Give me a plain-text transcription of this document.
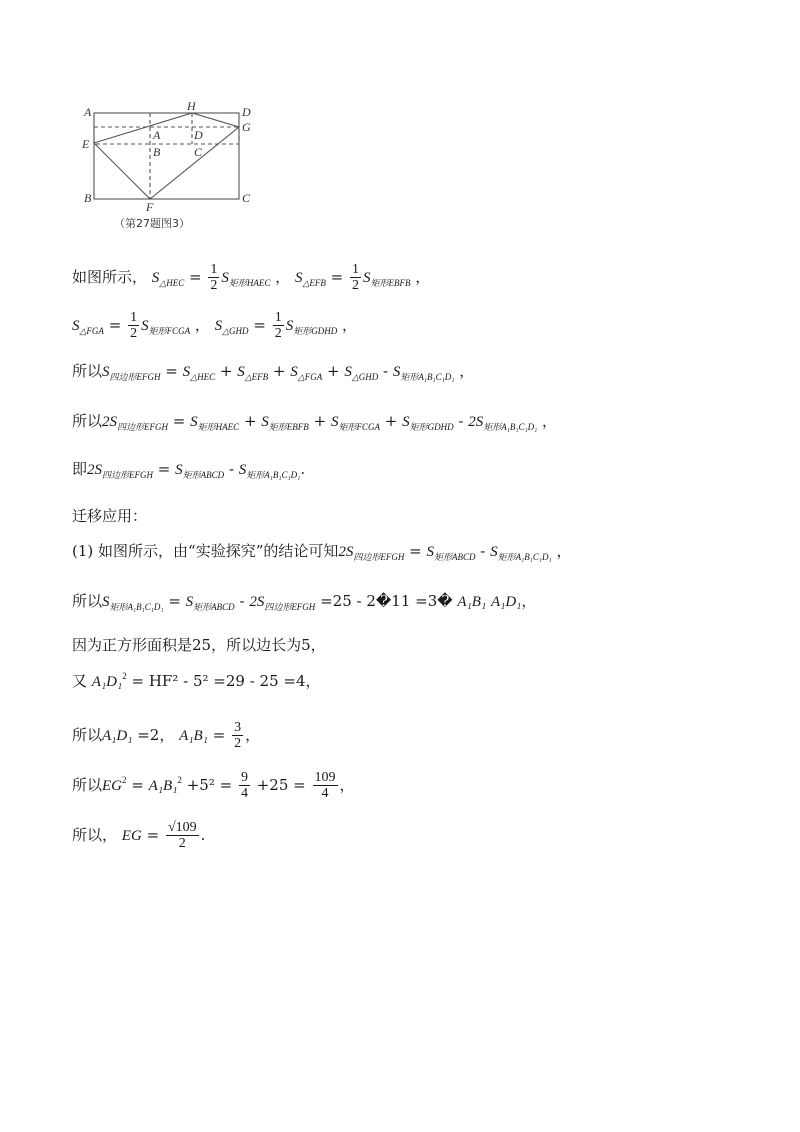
A	H	D
G
E
A	D
B	C
B
F
C
（第27题图3）
如图所示， $S_{\triangle HEC} = \frac{1}{2} S_{矩形HAEC}$ ， $S_{\triangle EFB} = \frac{1}{2} S_{矩形EBFB}$ ，
$S_{\triangle FGA} = \frac{1}{2} S_{矩形FCGA}$ ， $S_{\triangle GHD} = \frac{1}{2} S_{矩形GDHD}$ ，
所以$S_{四边形EFGH} = S_{\triangle HEC} + S_{\triangle EFB} + S_{\triangle FGA} + S_{\triangle GHD} - S_{矩形A_1B_1C_1D_1}$ ，
所以$2S_{四边形EFGH} = S_{矩形HAEC} + S_{矩形EBFB} + S_{矩形FCGA} + S_{矩形GDHD} - 2S_{矩形A_1B_1C_1D_1}$ ，
即$2S_{四边形EFGH} = S_{矩形ABCD} - S_{矩形A_1B_1C_1D_1}$.
迁移应用：
(1) 如图所示，由“实验探究”的结论可知$2S_{四边形EFGH} = S_{矩形ABCD} - S_{矩形A_1B_1C_1D_1}$ ，
所以$S_{矩形A_1B_1C_1D_1} = S_{矩形ABCD} - 2S_{四边形EFGH} =25$ - 2�11 =3� A₁B₁ A₁D₁，
因为正方形面积是25，所以边长为5，
又 A₁D₁$^2$ = HF² - 5² =29 - 25 =4，
所以A₁D₁ =2， $A_1B_1 = \frac{3}{2}$ ，
所以$EG^2 = A_1B_1^2 +5^2 = \frac{9}{4} +25 = \frac{109}{4}$ ，
所以， EG = $\frac{√109}{2}$ .
